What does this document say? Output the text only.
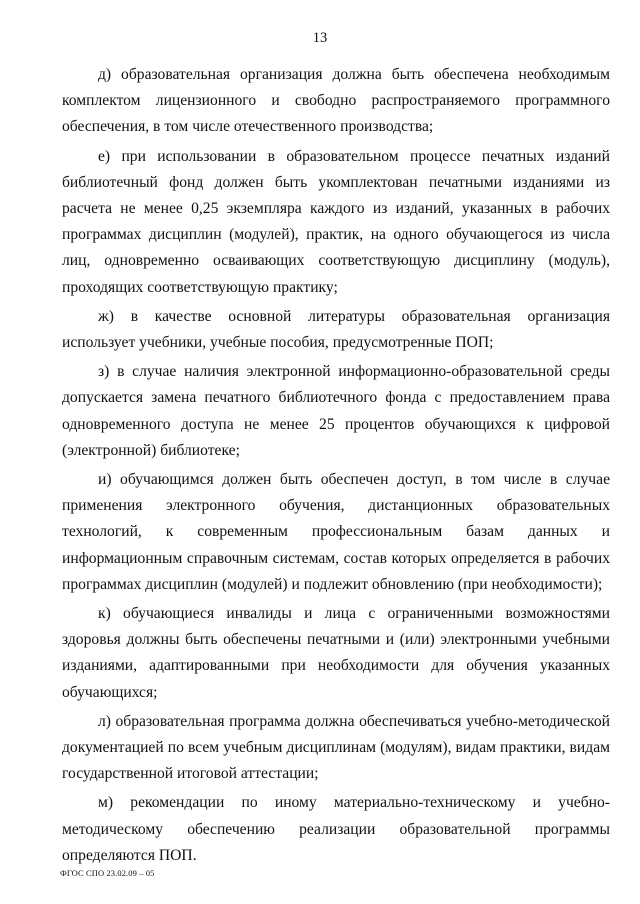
13

д) образовательная организация должна быть обеспечена необходимым комплектом лицензионного и свободно распространяемого программного обеспечения, в том числе отечественного производства;

е) при использовании в образовательном процессе печатных изданий библиотечный фонд должен быть укомплектован печатными изданиями из расчета не менее 0,25 экземпляра каждого из изданий, указанных в рабочих программах дисциплин (модулей), практик, на одного обучающегося из числа лиц, одновременно осваивающих соответствующую дисциплину (модуль), проходящих соответствующую практику;

ж) в качестве основной литературы образовательная организация использует учебники, учебные пособия, предусмотренные ПОП;

з) в случае наличия электронной информационно-образовательной среды допускается замена печатного библиотечного фонда с предоставлением права одновременного доступа не менее 25 процентов обучающихся к цифровой (электронной) библиотеке;

и) обучающимся должен быть обеспечен доступ, в том числе в случае применения электронного обучения, дистанционных образовательных технологий, к современным профессиональным базам данных и информационным справочным системам, состав которых определяется в рабочих программах дисциплин (модулей) и подлежит обновлению (при необходимости);

к) обучающиеся инвалиды и лица с ограниченными возможностями здоровья должны быть обеспечены печатными и (или) электронными учебными изданиями, адаптированными при необходимости для обучения указанных обучающихся;

л) образовательная программа должна обеспечиваться учебно-методической документацией по всем учебным дисциплинам (модулям), видам практики, видам государственной итоговой аттестации;

м) рекомендации по иному материально-техническому и учебно-методическому обеспечению реализации образовательной программы определяются ПОП.

ФГОС СПО 23.02.09 – 05
